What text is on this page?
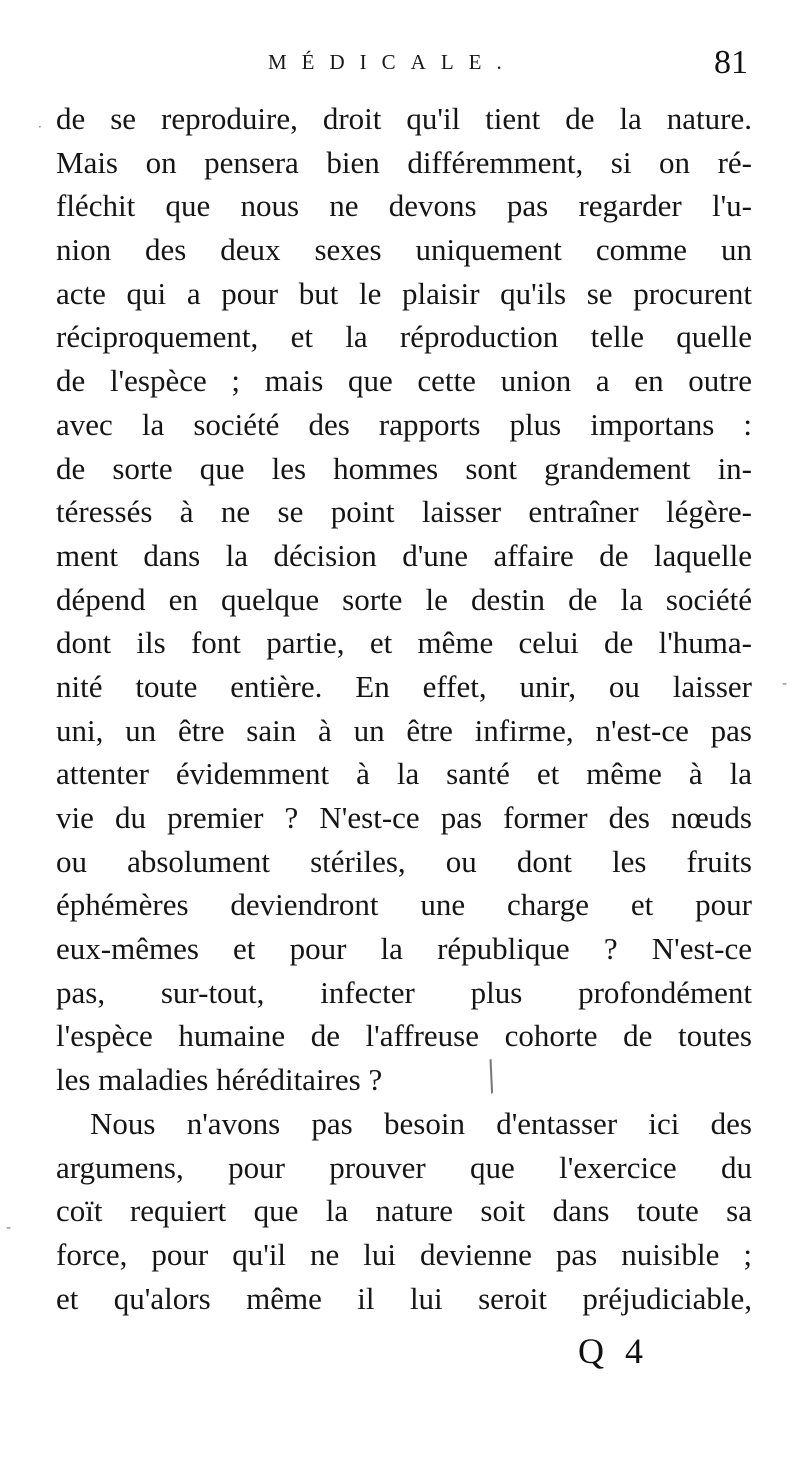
MÉDICALE.	81
de se reproduire, droit qu'il tient de la nature.
Mais on pensera bien différemment, si on ré-
fléchit que nous ne devons pas regarder l'u-
nion des deux sexes uniquement comme un
acte qui a pour but le plaisir qu'ils se procurent
réciproquement, et la réproduction telle quelle
de l'espèce ; mais que cette union a en outre
avec la société des rapports plus importans :
de sorte que les hommes sont grandement in-
téressés à ne se point laisser entraîner légère-
ment dans la décision d'une affaire de laquelle
dépend en quelque sorte le destin de la société
dont ils font partie, et même celui de l'huma-
nité toute entière. En effet, unir, ou laisser
uni, un être sain à un être infirme, n'est-ce pas
attenter évidemment à la santé et même à la
vie du premier ? N'est-ce pas former des nœuds
ou absolument stériles, ou dont les fruits
éphémères deviendront une charge et pour
eux-mêmes et pour la république ? N'est-ce
pas, sur-tout, infecter plus profondément
l'espèce humaine de l'affreuse cohorte de toutes
les maladies héréditaires ?
Nous n'avons pas besoin d'entasser ici des
argumens, pour prouver que l'exercice du
coït requiert que la nature soit dans toute sa
force, pour qu'il ne lui devienne pas nuisible ;
et qu'alors même il lui seroit préjudiciable,
Q 4
╱
·
-
-
